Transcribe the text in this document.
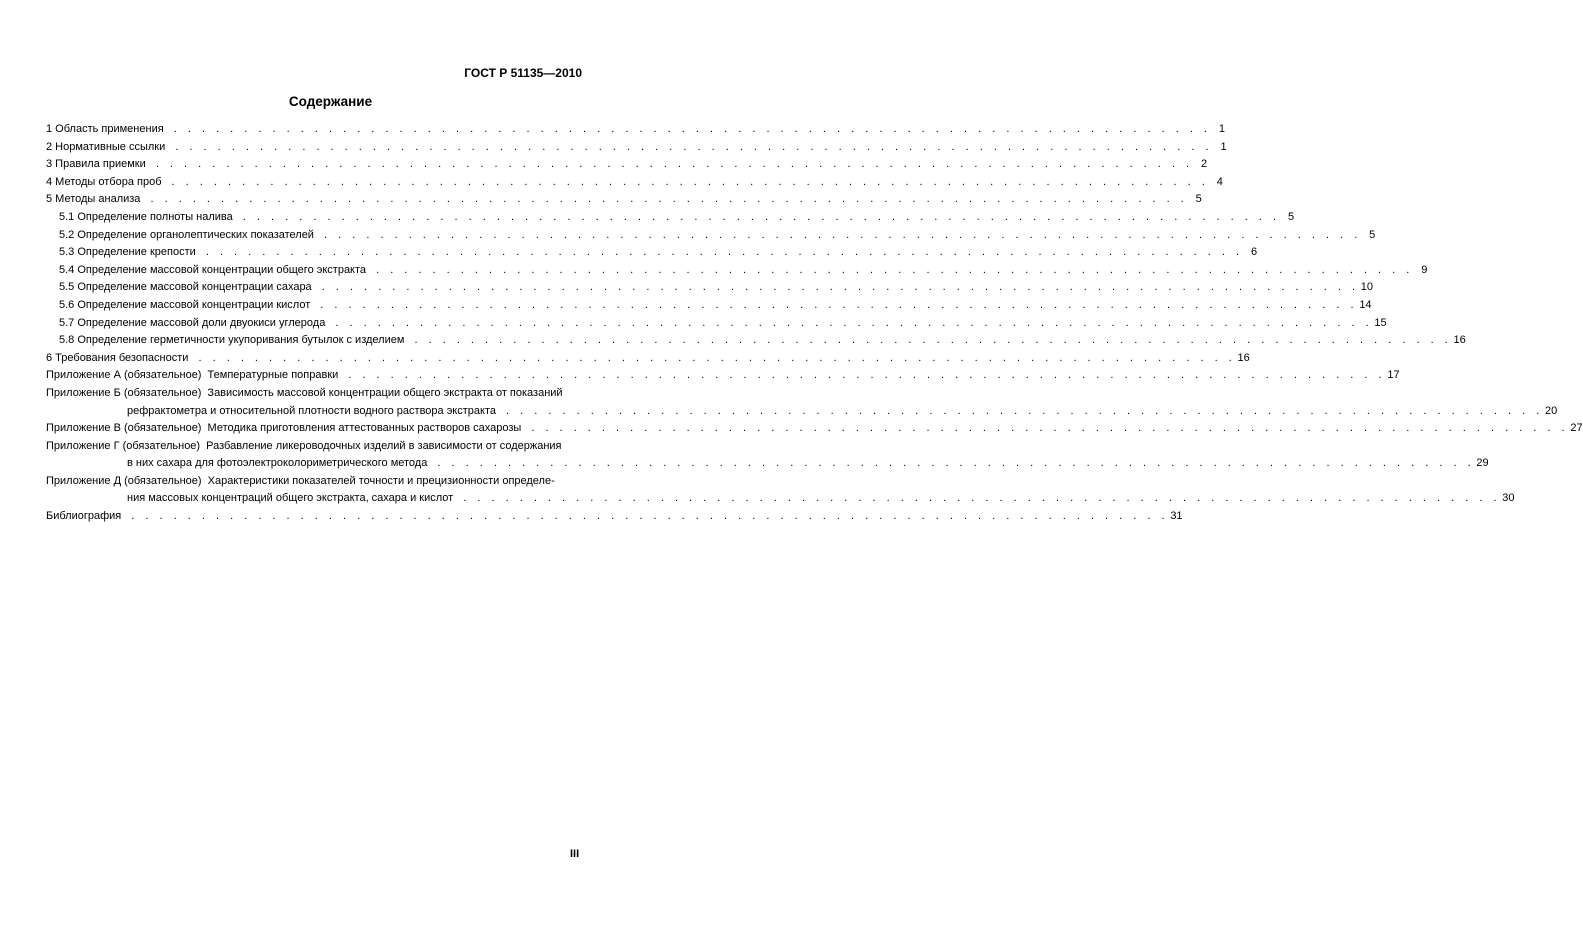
ГОСТ Р 51135—2010
Содержание
1 Область применения . . . . . . . . . . . . . . . . . . . . . . . . . . . . . . . . . . . . . . . . . . . . . . . . . . . . . . . . . . . . . . . . . . . . . . . . . . 1
2 Нормативные ссылки . . . . . . . . . . . . . . . . . . . . . . . . . . . . . . . . . . . . . . . . . . . . . . . . . . . . . . . . . . . . . . . . . . . . . . . . . . 1
3 Правила приемки . . . . . . . . . . . . . . . . . . . . . . . . . . . . . . . . . . . . . . . . . . . . . . . . . . . . . . . . . . . . . . . . . . . . . . . . . . 2
4 Методы отбора проб . . . . . . . . . . . . . . . . . . . . . . . . . . . . . . . . . . . . . . . . . . . . . . . . . . . . . . . . . . . . . . . . . . . . . . . . . . 4
5 Методы анализа . . . . . . . . . . . . . . . . . . . . . . . . . . . . . . . . . . . . . . . . . . . . . . . . . . . . . . . . . . . . . . . . . . . . . . . . . . 5
5.1 Определение полноты налива . . . . . . . . . . . . . . . . . . . . . . . . . . . . . . . . . . . . . . . . . . . . . . . . . . . . . . . . . . . . . . . . . . . . . . . . . . 5
5.2 Определение органолептических показателей . . . . . . . . . . . . . . . . . . . . . . . . . . . . . . . . . . . . . . . . . . . . . . . . . . . . . . . . . . . . . . . . . . . . . . . . . . 5
5.3 Определение крепости . . . . . . . . . . . . . . . . . . . . . . . . . . . . . . . . . . . . . . . . . . . . . . . . . . . . . . . . . . . . . . . . . . . . . . . . . . 6
5.4 Определение массовой концентрации общего экстракта . . . . . . . . . . . . . . . . . . . . . . . . . . . . . . . . . . . . . . . . . . . . . . . . . . . . . . . . . . . . . . . . . . . . . . . . . . 9
5.5 Определение массовой концентрации сахара . . . . . . . . . . . . . . . . . . . . . . . . . . . . . . . . . . . . . . . . . . . . . . . . . . . . . . . . . . . . . . . . . . . . . . . . . . 10
5.6 Определение массовой концентрации кислот . . . . . . . . . . . . . . . . . . . . . . . . . . . . . . . . . . . . . . . . . . . . . . . . . . . . . . . . . . . . . . . . . . . . . . . . . . 14
5.7 Определение массовой доли двуокиси углерода . . . . . . . . . . . . . . . . . . . . . . . . . . . . . . . . . . . . . . . . . . . . . . . . . . . . . . . . . . . . . . . . . . . . . . . . . . 15
5.8 Определение герметичности укупоривания бутылок с изделием . . . . . . . . . . . . . . . . . . . . . . . . . . . . . . . . . . . . . . . . . . . . . . . . . . . . . . . . . . . . . . . . . . . . . . . . . . 16
6 Требования безопасности . . . . . . . . . . . . . . . . . . . . . . . . . . . . . . . . . . . . . . . . . . . . . . . . . . . . . . . . . . . . . . . . . . . . . . . . . . 16
Приложение А (обязательное) Температурные поправки . . . . . . . . . . . . . . . . . . . . . . . . . . . . . . . . . . . . . . . . . . . . . . . . . . . . . . . . . . . . . . . . . . . . . . . . . . 17
Приложение Б (обязательное) Зависимость массовой концентрации общего экстракта от показаний
рефрактометра и относительной плотности водного раствора экстракта . . . . . . . . . . . . . . . . . . . . . . . . . . . . . . . . . . . . . . . . . . . . . . . . . . . . . . . . . . . . . . . . . . . . . . . . . . 20
Приложение В (обязательное) Методика приготовления аттестованных растворов сахарозы . . . . . . . . . . . . . . . . . . . . . . . . . . . . . . . . . . . . . . . . . . . . . . . . . . . . . . . . . . . . . . . . . . . . . . . . . . 27
Приложение Г (обязательное) Разбавление ликероводочных изделий в зависимости от содержания
в них сахара для фотоэлектроколориметрического метода . . . . . . . . . . . . . . . . . . . . . . . . . . . . . . . . . . . . . . . . . . . . . . . . . . . . . . . . . . . . . . . . . . . . . . . . . . 29
Приложение Д (обязательное) Характеристики показателей точности и прецизионности определе-
ния массовых концентраций общего экстракта, сахара и кислот . . . . . . . . . . . . . . . . . . . . . . . . . . . . . . . . . . . . . . . . . . . . . . . . . . . . . . . . . . . . . . . . . . . . . . . . . . 30
Библиография . . . . . . . . . . . . . . . . . . . . . . . . . . . . . . . . . . . . . . . . . . . . . . . . . . . . . . . . . . . . . . . . . . . . . . . . . . 31
III
